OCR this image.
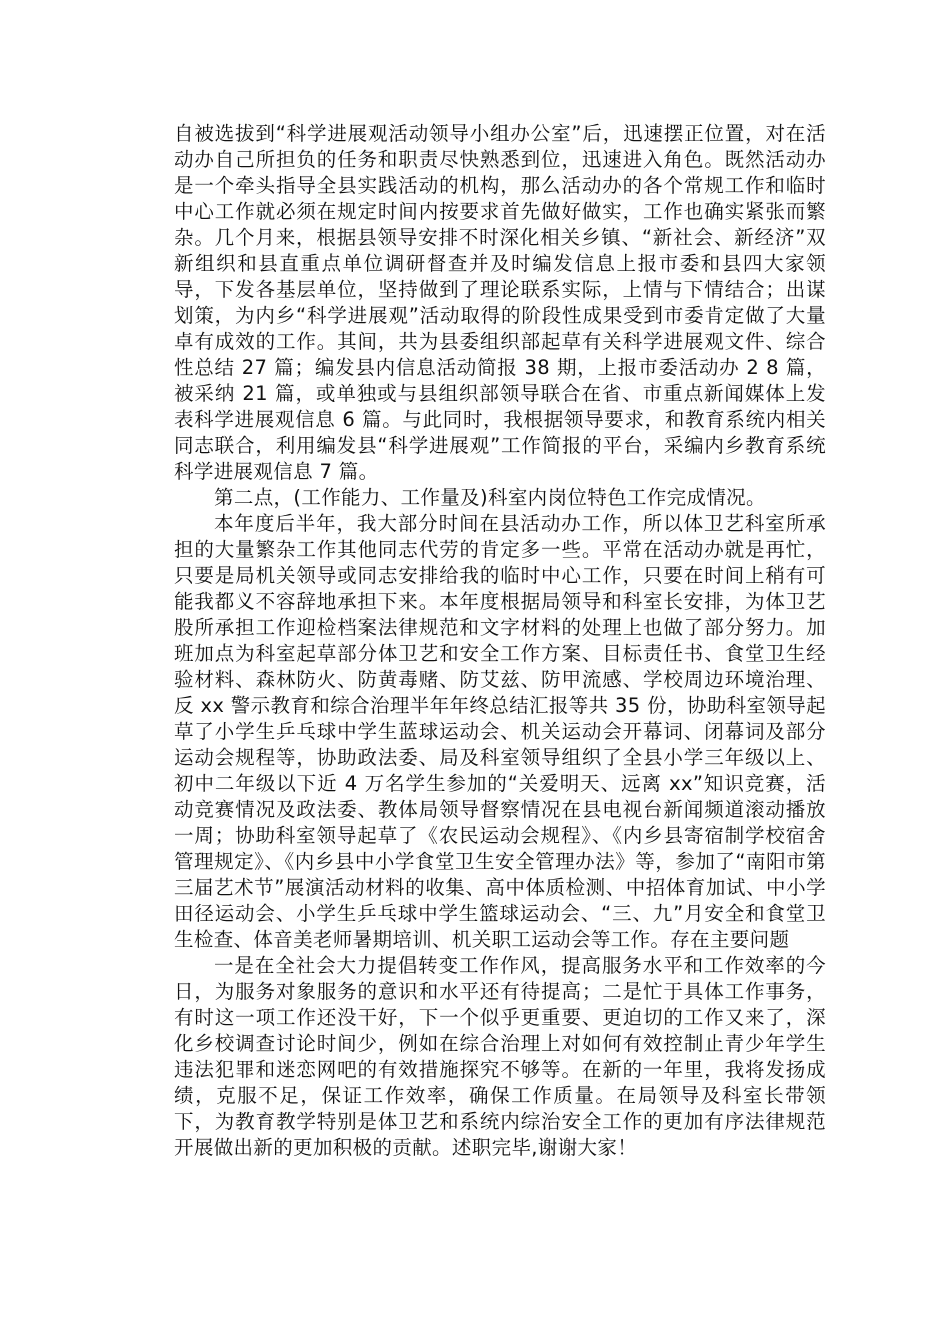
自被选拔到“科学进展观活动领导小组办公室”后，迅速摆正位置，对在活动办自己所担负的任务和职责尽快熟悉到位，迅速进入角色。既然活动办是一个牵头指导全县实践活动的机构，那么活动办的各个常规工作和临时中心工作就必须在规定时间内按要求首先做好做实，工作也确实紧张而繁杂。几个月来，根据县领导安排不时深化相关乡镇、“新社会、新经济”双新组织和县直重点单位调研督查并及时编发信息上报市委和县四大家领导，下发各基层单位，坚持做到了理论联系实际，上情与下情结合；出谋划策，为内乡“科学进展观”活动取得的阶段性成果受到市委肯定做了大量卓有成效的工作。其间，共为县委组织部起草有关科学进展观文件、综合性总结 27 篇；编发县内信息活动简报 38 期，上报市委活动办 2 8 篇，被采纳 21 篇，或单独或与县组织部领导联合在省、市重点新闻媒体上发表科学进展观信息 6 篇。与此同时，我根据领导要求，和教育系统内相关同志联合，利用编发县“科学进展观”工作简报的平台，采编内乡教育系统科学进展观信息 7 篇。

第二点，(工作能力、工作量及)科室内岗位特色工作完成情况。

本年度后半年，我大部分时间在县活动办工作，所以体卫艺科室所承担的大量繁杂工作其他同志代劳的肯定多一些。平常在活动办就是再忙，只要是局机关领导或同志安排给我的临时中心工作，只要在时间上稍有可能我都义不容辞地承担下来。本年度根据局领导和科室长安排，为体卫艺股所承担工作迎检档案法律规范和文字材料的处理上也做了部分努力。加班加点为科室起草部分体卫艺和安全工作方案、目标责任书、食堂卫生经验材料、森林防火、防黄毒赌、防艾兹、防甲流感、学校周边环境治理、反 xx 警示教育和综合治理半年年终总结汇报等共 35 份，协助科室领导起草了小学生乒乓球中学生蓝球运动会、机关运动会开幕词、闭幕词及部分运动会规程等，协助政法委、局及科室领导组织了全县小学三年级以上、初中二年级以下近 4 万名学生参加的“关爱明天、远离 xx”知识竞赛，活动竞赛情况及政法委、教体局领导督察情况在县电视台新闻频道滚动播放一周；协助科室领导起草了《农民运动会规程》、《内乡县寄宿制学校宿舍管理规定》、《内乡县中小学食堂卫生安全管理办法》等，参加了“南阳市第三届艺术节”展演活动材料的收集、高中体质检测、中招体育加试、中小学田径运动会、小学生乒乓球中学生篮球运动会、“三、九”月安全和食堂卫生检查、体音美老师暑期培训、机关职工运动会等工作。存在主要问题

一是在全社会大力提倡转变工作作风，提高服务水平和工作效率的今日，为服务对象服务的意识和水平还有待提高；二是忙于具体工作事务，有时这一项工作还没干好，下一个似乎更重要、更迫切的工作又来了，深化乡校调查讨论时间少，例如在综合治理上对如何有效控制止青少年学生违法犯罪和迷恋网吧的有效措施探究不够等。在新的一年里，我将发扬成绩，克服不足，保证工作效率，确保工作质量。在局领导及科室长带领下，为教育教学特别是体卫艺和系统内综治安全工作的更加有序法律规范开展做出新的更加积极的贡献。述职完毕,谢谢大家！
